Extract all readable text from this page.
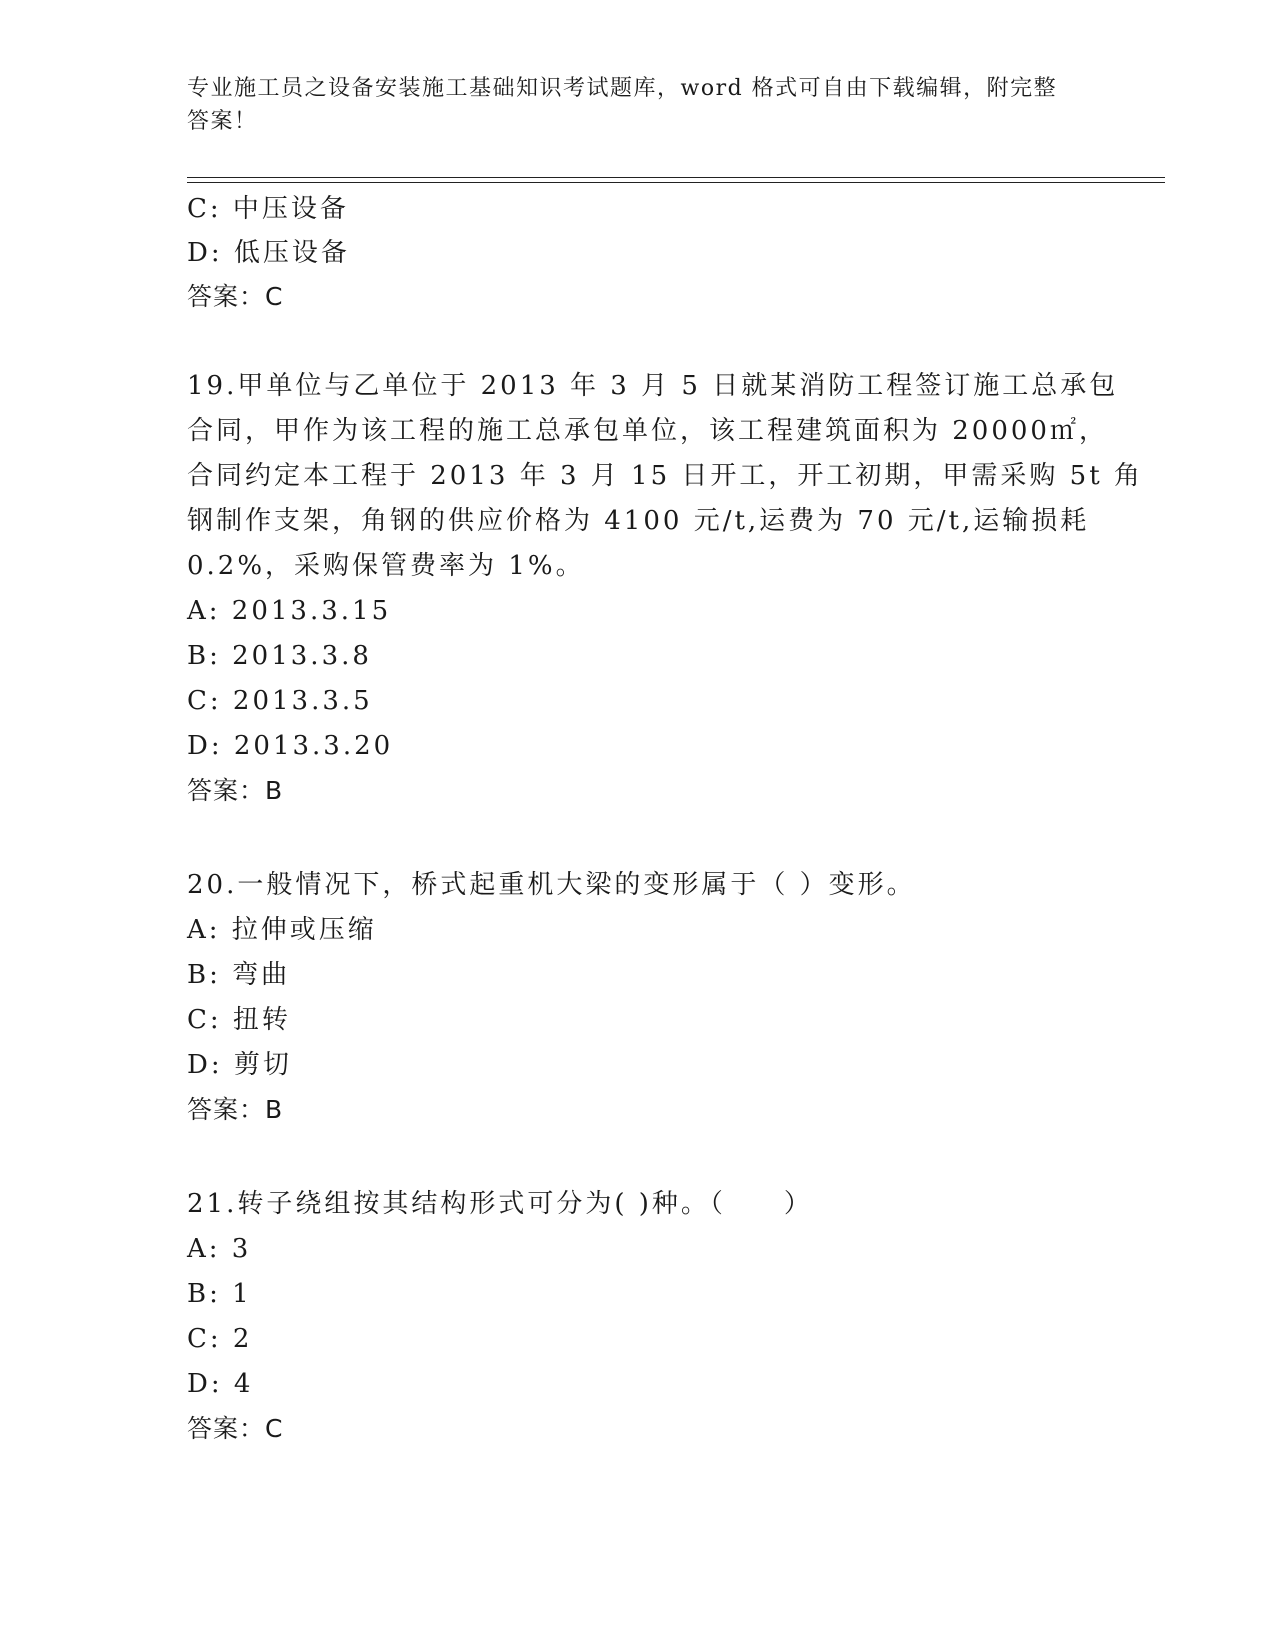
专业施工员之设备安装施工基础知识考试题库，word 格式可自由下载编辑，附完整答案！
C: 中压设备
D: 低压设备
答案：C
19.甲单位与乙单位于 2013 年 3 月 5 日就某消防工程签订施工总承包
合同，甲作为该工程的施工总承包单位，该工程建筑面积为 20000㎡，
合同约定本工程于 2013 年 3 月 15 日开工，开工初期，甲需采购 5t 角
钢制作支架，角钢的供应价格为 4100 元/t,运费为 70 元/t,运输损耗
0.2%，采购保管费率为 1%。
A: 2013.3.15
B: 2013.3.8
C: 2013.3.5
D: 2013.3.20
答案：B
20.一般情况下，桥式起重机大梁的变形属于（ ）变形。
A: 拉伸或压缩
B: 弯曲
C: 扭转
D: 剪切
答案：B
21.转子绕组按其结构形式可分为( )种。（　　）
A: 3
B: 1
C: 2
D: 4
答案：C
